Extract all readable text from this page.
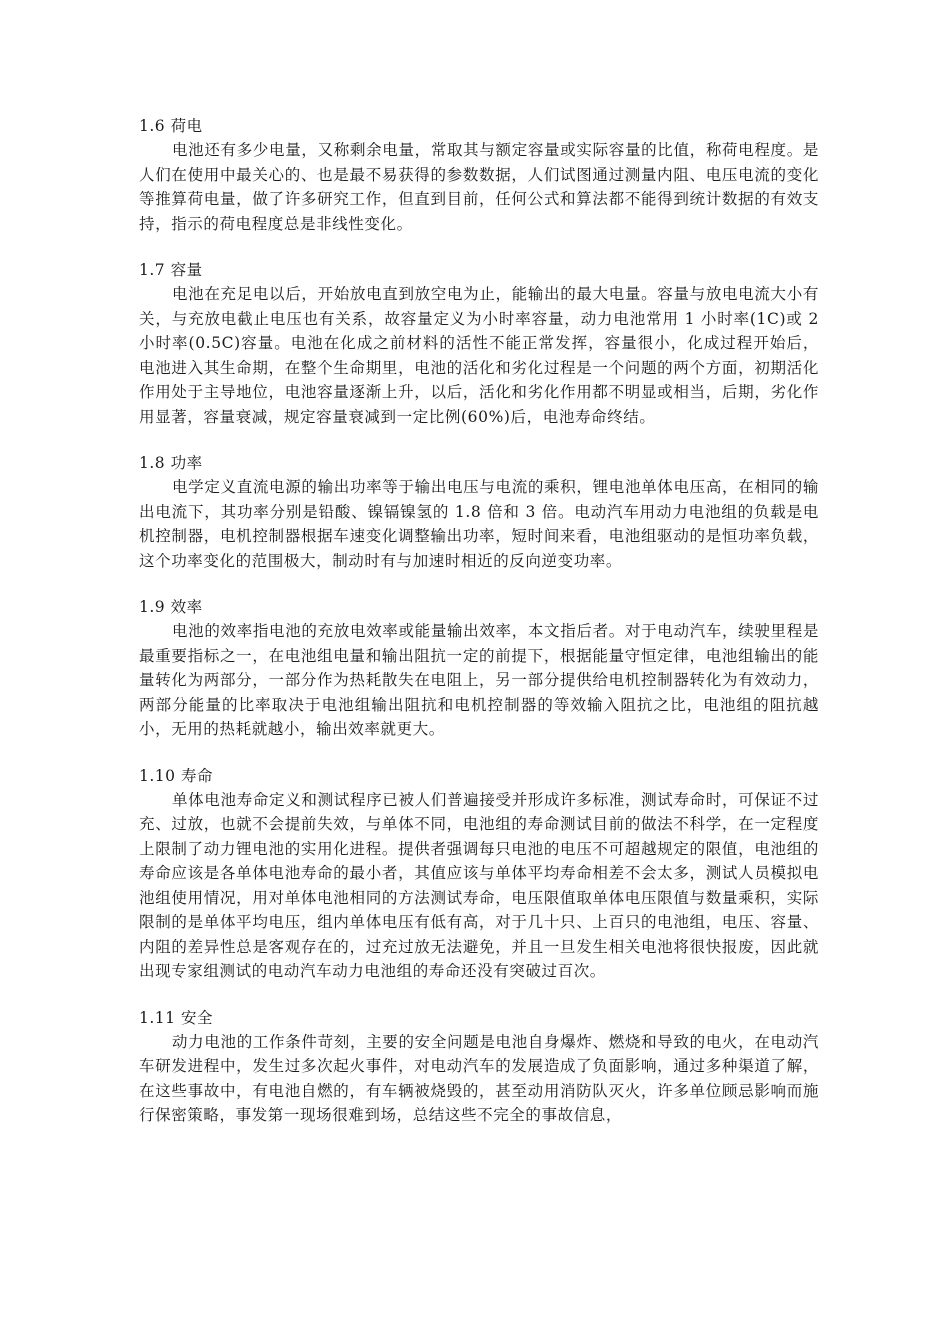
1.6 荷电

电池还有多少电量，又称剩余电量，常取其与额定容量或实际容量的比值，称荷电程度。是人们在使用中最关心的、也是最不易获得的参数数据，人们试图通过测量内阻、电压电流的变化等推算荷电量，做了许多研究工作，但直到目前，任何公式和算法都不能得到统计数据的有效支持，指示的荷电程度总是非线性变化。

1.7 容量

电池在充足电以后，开始放电直到放空电为止，能输出的最大电量。容量与放电电流大小有关，与充放电截止电压也有关系，故容量定义为小时率容量，动力电池常用 1 小时率(1C)或 2 小时率(0.5C)容量。电池在化成之前材料的活性不能正常发挥，容量很小，化成过程开始后，电池进入其生命期，在整个生命期里，电池的活化和劣化过程是一个问题的两个方面，初期活化作用处于主导地位，电池容量逐渐上升，以后，活化和劣化作用都不明显或相当，后期，劣化作用显著，容量衰减，规定容量衰减到一定比例(60%)后，电池寿命终结。

1.8 功率

电学定义直流电源的输出功率等于输出电压与电流的乘积，锂电池单体电压高，在相同的输出电流下，其功率分别是铅酸、镍镉镍氢的 1.8 倍和 3 倍。电动汽车用动力电池组的负载是电机控制器，电机控制器根据车速变化调整输出功率，短时间来看，电池组驱动的是恒功率负载，这个功率变化的范围极大，制动时有与加速时相近的反向逆变功率。

1.9 效率

电池的效率指电池的充放电效率或能量输出效率，本文指后者。对于电动汽车，续驶里程是最重要指标之一，在电池组电量和输出阻抗一定的前提下，根据能量守恒定律，电池组输出的能量转化为两部分，一部分作为热耗散失在电阻上，另一部分提供给电机控制器转化为有效动力，两部分能量的比率取决于电池组输出阻抗和电机控制器的等效输入阻抗之比，电池组的阻抗越小，无用的热耗就越小，输出效率就更大。

1.10 寿命

单体电池寿命定义和测试程序已被人们普遍接受并形成许多标准，测试寿命时，可保证不过充、过放，也就不会提前失效，与单体不同，电池组的寿命测试目前的做法不科学，在一定程度上限制了动力锂电池的实用化进程。提供者强调每只电池的电压不可超越规定的限值，电池组的寿命应该是各单体电池寿命的最小者，其值应该与单体平均寿命相差不会太多，测试人员模拟电池组使用情况，用对单体电池相同的方法测试寿命，电压限值取单体电压限值与数量乘积，实际限制的是单体平均电压，组内单体电压有低有高，对于几十只、上百只的电池组，电压、容量、内阻的差异性总是客观存在的，过充过放无法避免，并且一旦发生相关电池将很快报废，因此就出现专家组测试的电动汽车动力电池组的寿命还没有突破过百次。

1.11 安全

动力电池的工作条件苛刻，主要的安全问题是电池自身爆炸、燃烧和导致的电火，在电动汽车研发进程中，发生过多次起火事件，对电动汽车的发展造成了负面影响，通过多种渠道了解，在这些事故中，有电池自燃的，有车辆被烧毁的，甚至动用消防队灭火，许多单位顾忌影响而施行保密策略，事发第一现场很难到场，总结这些不完全的事故信息，
